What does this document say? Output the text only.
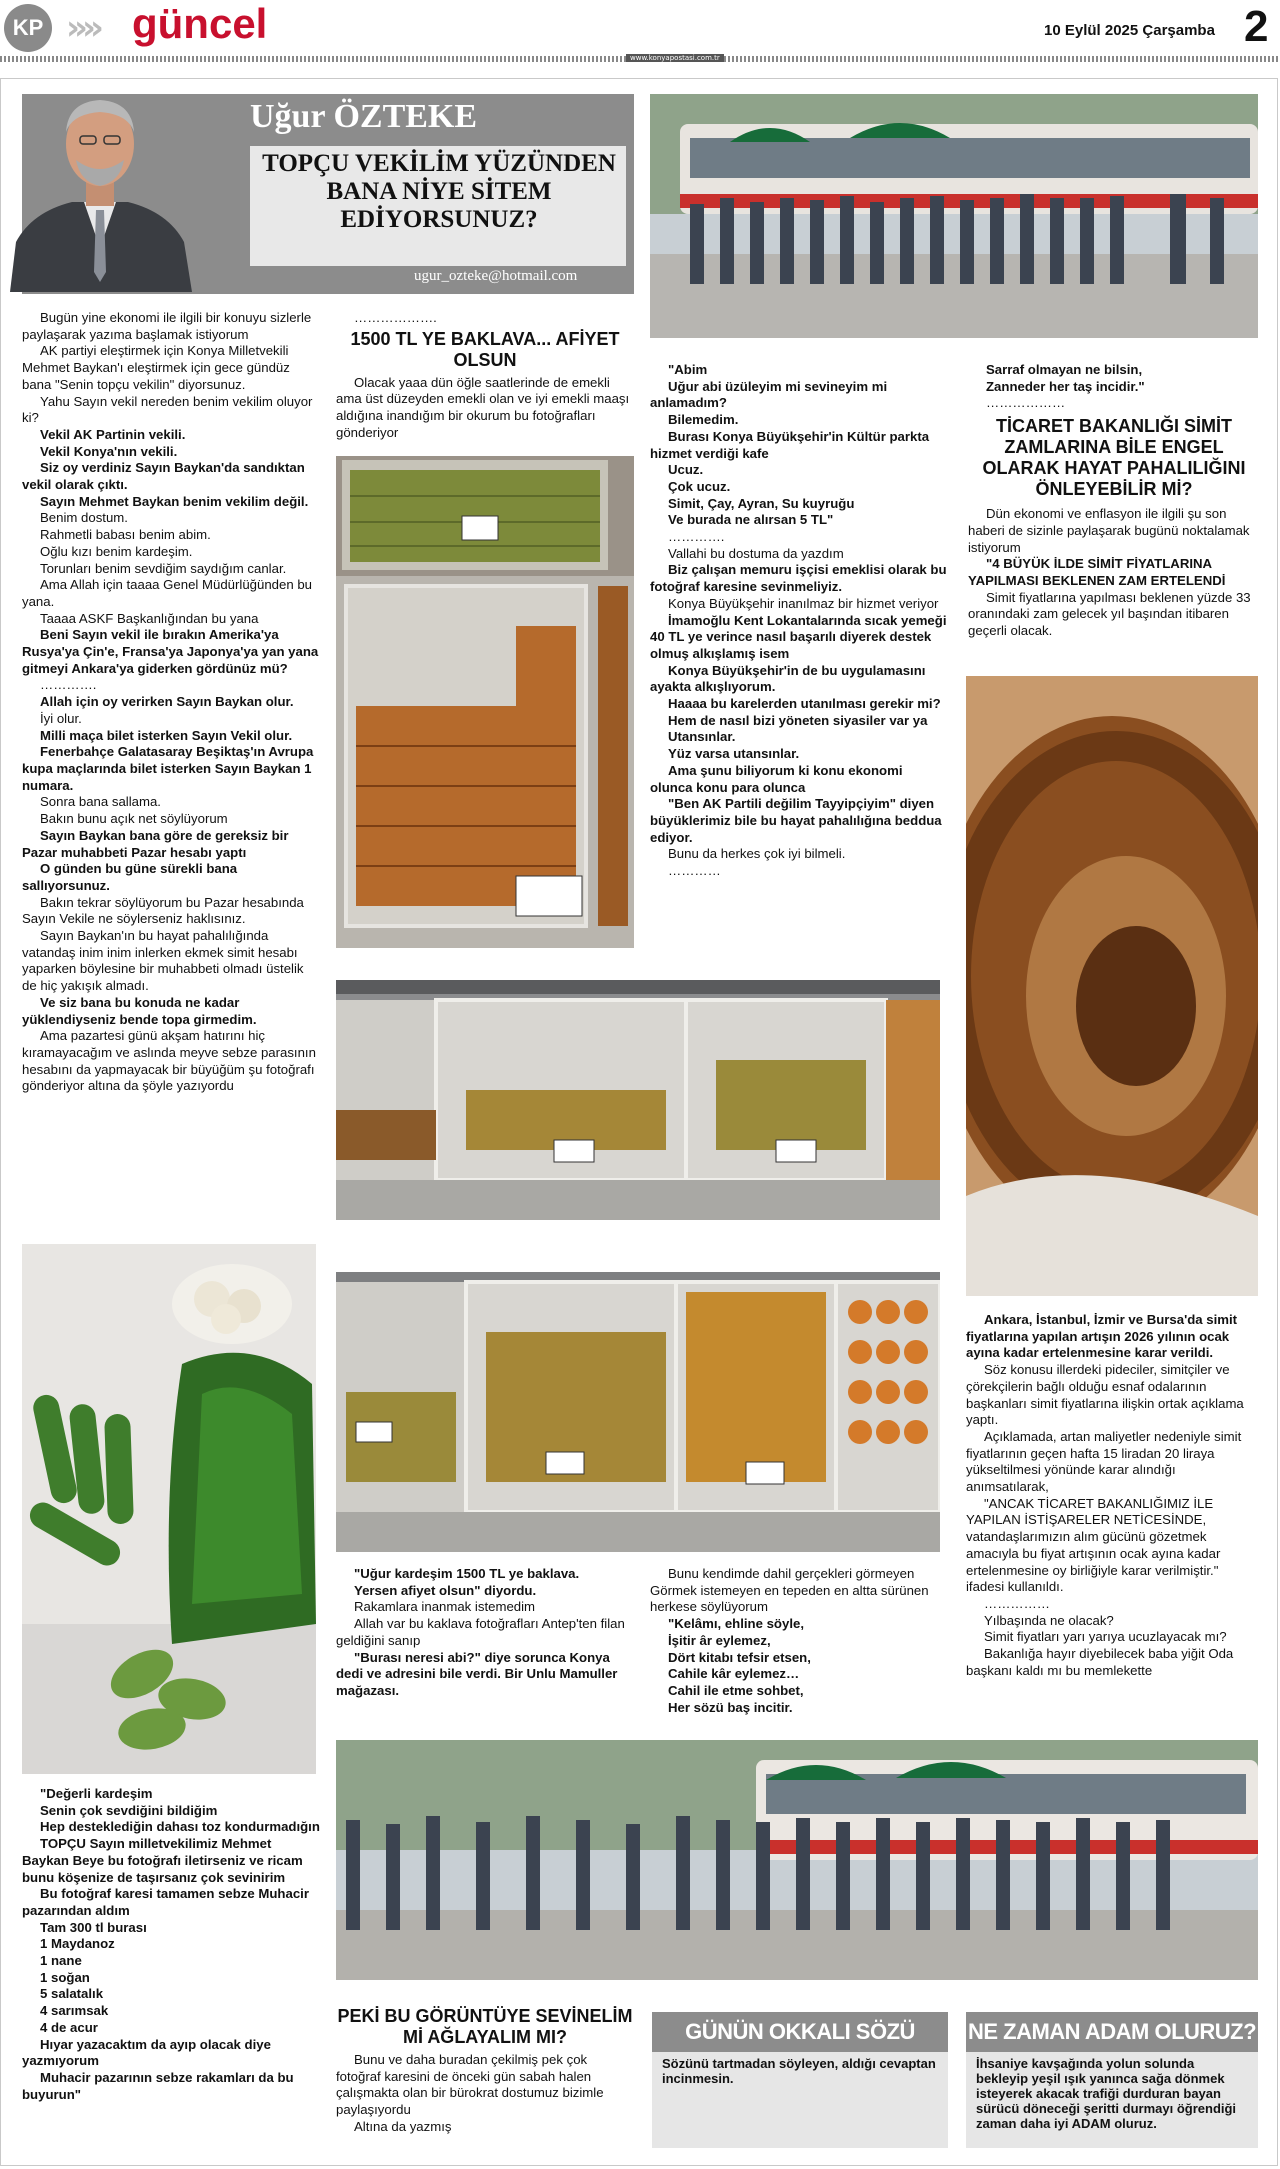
KP »» güncel
www.konyapostasi.com.tr
10 Eylül 2025 Çarşamba 2
Uğur ÖZTEKE
TOPÇU VEKİLİM YÜZÜNDEN BANA NİYE SİTEM EDİYORSUNUZ?
ugur_ozteke@hotmail.com

Bugün yine ekonomi ile ilgili bir konuyu sizlerle paylaşarak yazıma başlamak istiyorum

AK partiyi eleştirmek için Konya Milletvekili Mehmet Baykan'ı eleştirmek için gece gündüz bana "Senin topçu vekilin" diyorsunuz.

Yahu Sayın vekil nereden benim vekilim oluyor ki?

Vekil AK Partinin vekili.

Vekil Konya'nın vekili.

Siz oy verdiniz Sayın Baykan'da sandıktan vekil olarak çıktı.

Sayın Mehmet Baykan benim vekilim değil.

Benim dostum.

Rahmetli babası benim abim.

Oğlu kızı benim kardeşim.

Torunları benim sevdiğim saydığım canlar.

Ama Allah için taaaa Genel Müdürlüğünden bu yana.

Taaaa ASKF Başkanlığından bu yana

Beni Sayın vekil ile bırakın Amerika'ya Rusya'ya Çin'e, Fransa'ya Japonya'ya yan yana gitmeyi Ankara'ya giderken gördünüz mü?

………….

Allah için oy verirken Sayın Baykan olur.

İyi olur.

Milli maça bilet isterken Sayın Vekil olur.

Fenerbahçe Galatasaray Beşiktaş'ın Avrupa kupa maçlarında bilet isterken Sayın Baykan 1 numara.

Sonra bana sallama.

Bakın bunu açık net söylüyorum

Sayın Baykan bana göre de gereksiz bir Pazar muhabbeti Pazar hesabı yaptı

O günden bu güne sürekli bana sallıyorsunuz.

Bakın tekrar söylüyorum bu Pazar hesabında Sayın Vekile ne söylerseniz haklısınız.

Sayın Baykan'ın bu hayat pahalılığında vatandaş inim inim inlerken ekmek simit hesabı yaparken böylesine bir muhabbeti olmadı üstelik de hiç yakışık almadı.

Ve siz bana bu konuda ne kadar yüklendiyseniz bende topa girmedim.

Ama pazartesi günü akşam hatırını hiç kıramayacağım ve aslında meyve sebze parasının hesabını da yapmayacak bir büyüğüm şu fotoğrafı gönderiyor altına da şöyle yazıyordu

"Değerli kardeşim

Senin çok sevdiğini bildiğim

Hep desteklediğin dahası toz kondurmadığın

TOPÇU Sayın milletvekilimiz Mehmet Baykan Beye bu fotoğrafı iletirseniz ve ricam bunu köşenize de taşırsanız çok sevinirim

Bu fotoğraf karesi tamamen sebze Muhacir pazarından aldım

Tam 300 tl burası

1 Maydanoz

1 nane

1 soğan

5 salatalık

4 sarımsak

4 de acur

Hıyar yazacaktım da ayıp olacak diye yazmıyorum

Muhacir pazarının sebze rakamları da bu buyurun"

……………….

1500 TL YE BAKLAVA... AFİYET OLSUN

Olacak yaaa dün öğle saatlerinde de emekli ama üst düzeyden emekli olan ve iyi emekli maaşı aldığına inandığım bir okurum bu fotoğrafları gönderiyor

"Abim

Uğur abi üzüleyim mi sevineyim mi anlamadım?

Bilemedim.

Burası Konya Büyükşehir'in Kültür parkta hizmet verdiği kafe

Ucuz.

Çok ucuz.

Simit, Çay, Ayran, Su kuyruğu

Ve burada ne alırsan 5 TL"

………….

Vallahi bu dostuma da yazdım

Biz çalışan memuru işçisi emeklisi olarak bu fotoğraf karesine sevinmeliyiz.

Konya Büyükşehir inanılmaz bir hizmet veriyor

İmamoğlu Kent Lokantalarında sıcak yemeği 40 TL ye verince nasıl başarılı diyerek destek olmuş alkışlamış isem

Konya Büyükşehir'in de bu uygulamasını ayakta alkışlıyorum.

Haaaa bu karelerden utanılması gerekir mi?

Hem de nasıl bizi yöneten siyasiler var ya

Utansınlar.

Yüz varsa utansınlar.

Ama şunu biliyorum ki konu ekonomi olunca konu para olunca

"Ben AK Partili değilim Tayyipçiyim" diyen büyüklerimiz bile bu hayat pahalılığına beddua ediyor.

Bunu da herkes çok iyi bilmeli.

…………

Sarraf olmayan ne bilsin,

Zanneder her taş incidir."

………………

TİCARET BAKANLIĞI SİMİT ZAMLARINA BİLE ENGEL OLARAK HAYAT PAHALILIĞINI ÖNLEYEBİLİR Mİ?

Dün ekonomi ve enflasyon ile ilgili şu son haberi de sizinle paylaşarak bugünü noktalamak istiyorum

"4 BÜYÜK İLDE SİMİT FİYATLARINA YAPILMASI BEKLENEN ZAM ERTELENDİ

Simit fiyatlarına yapılması beklenen yüzde 33 oranındaki zam gelecek yıl başından itibaren geçerli olacak.

Ankara, İstanbul, İzmir ve Bursa'da simit fiyatlarına yapılan artışın 2026 yılının ocak ayına kadar ertelenmesine karar verildi.

Söz konusu illerdeki pideciler, simitçiler ve çörekçilerin bağlı olduğu esnaf odalarının başkanları simit fiyatlarına ilişkin ortak açıklama yaptı.

Açıklamada, artan maliyetler nedeniyle simit fiyatlarının geçen hafta 15 liradan 20 liraya yükseltilmesi yönünde karar alındığı anımsatılarak,

"ANCAK TİCARET BAKANLIĞIMIZ İLE YAPILAN İSTİŞARELER NETİCESİNDE, vatandaşlarımızın alım gücünü gözetmek amacıyla bu fiyat artışının ocak ayına kadar ertelenmesine oy birliğiyle karar verilmiştir." ifadesi kullanıldı.

……………

Yılbaşında ne olacak?

Simit fiyatları yarı yarıya ucuzlayacak mı?

Bakanlığa hayır diyebilecek baba yiğit Oda başkanı kaldı mı bu memlekette

"Uğur kardeşim 1500 TL ye baklava.

Yersen afiyet olsun" diyordu.

Rakamlara inanmak istemedim

Allah var bu kaklava fotoğrafları Antep'ten filan geldiğini sanıp

"Burası neresi abi?" diye sorunca Konya dedi ve adresini bile verdi. Bir Unlu Mamuller mağazası.

Bunu kendimde dahil gerçekleri görmeyen Görmek istemeyen en tepeden en altta sürünen herkese söylüyorum

"Kelâmı, ehline söyle,

İşitir âr eylemez,

Dört kitabı tefsir etsen,

Cahile kâr eylemez…

Cahil ile etme sohbet,

Her sözü baş incitir.

PEKİ BU GÖRÜNTÜYE SEVİNELİM Mİ AĞLAYALIM MI?

Bunu ve daha buradan çekilmiş pek çok fotoğraf karesini de önceki gün sabah halen çalışmakta olan bir bürokrat dostumuz bizimle paylaşıyordu

Altına da yazmış

GÜNÜN OKKALI SÖZÜ
Sözünü tartmadan söyleyen, aldığı cevaptan incinmesin.
NE ZAMAN ADAM OLURUZ?
İhsaniye kavşağında yolun solunda bekleyip yeşil ışık yanınca sağa dönmek isteyerek akacak trafiği durduran bayan sürücü döneceği şeritti durmayı öğrendiği zaman daha iyi ADAM oluruz.
